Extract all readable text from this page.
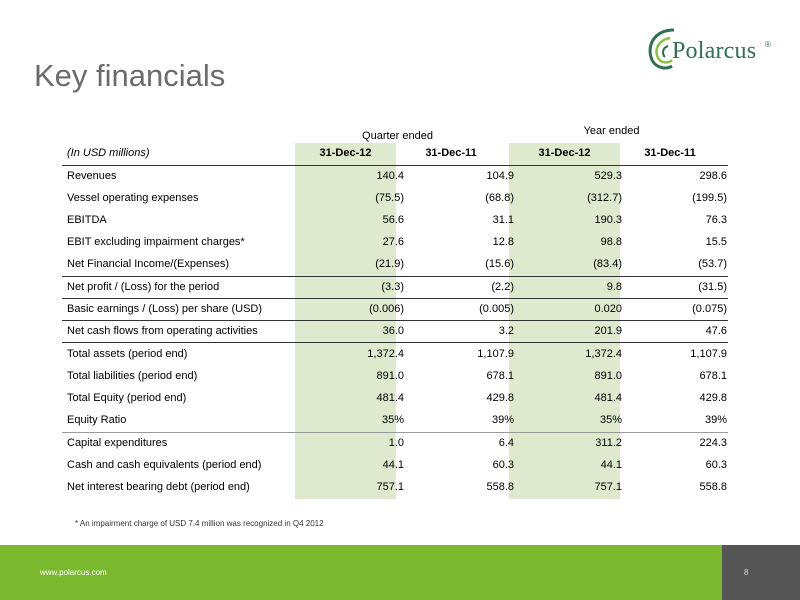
Key financials
Polarcus ®
Quarter ended	Year ended
(In USD millions)	31-Dec-12	31-Dec-11	31-Dec-12	31-Dec-11
Revenues	140.4	104.9	529.3	298.6
Vessel operating expenses	(75.5)	(68.8)	(312.7)	(199.5)
EBITDA	56.6	31.1	190.3	76.3
EBIT excluding impairment charges*	27.6	12.8	98.8	15.5
Net Financial Income/(Expenses)	(21.9)	(15.6)	(83.4)	(53.7)
Net profit / (Loss) for the period	(3.3)	(2.2)	9.8	(31.5)
Basic earnings / (Loss) per share (USD)	(0.006)	(0.005)	0.020	(0.075)
Net cash flows from operating activities	36.0	3.2	201.9	47.6
Total assets (period end)	1,372.4	1,107.9	1,372.4	1,107.9
Total liabilities (period end)	891.0	678.1	891.0	678.1
Total Equity (period end)	481.4	429.8	481.4	429.8
Equity Ratio	35%	39%	35%	39%
Capital expenditures	1.0	6.4	311.2	224.3
Cash and cash equivalents (period end)	44.1	60.3	44.1	60.3
Net interest bearing debt (period end)	757.1	558.8	757.1	558.8
* An impairment charge of USD 7.4 million was recognized in Q4 2012
www.polarcus.com	8
